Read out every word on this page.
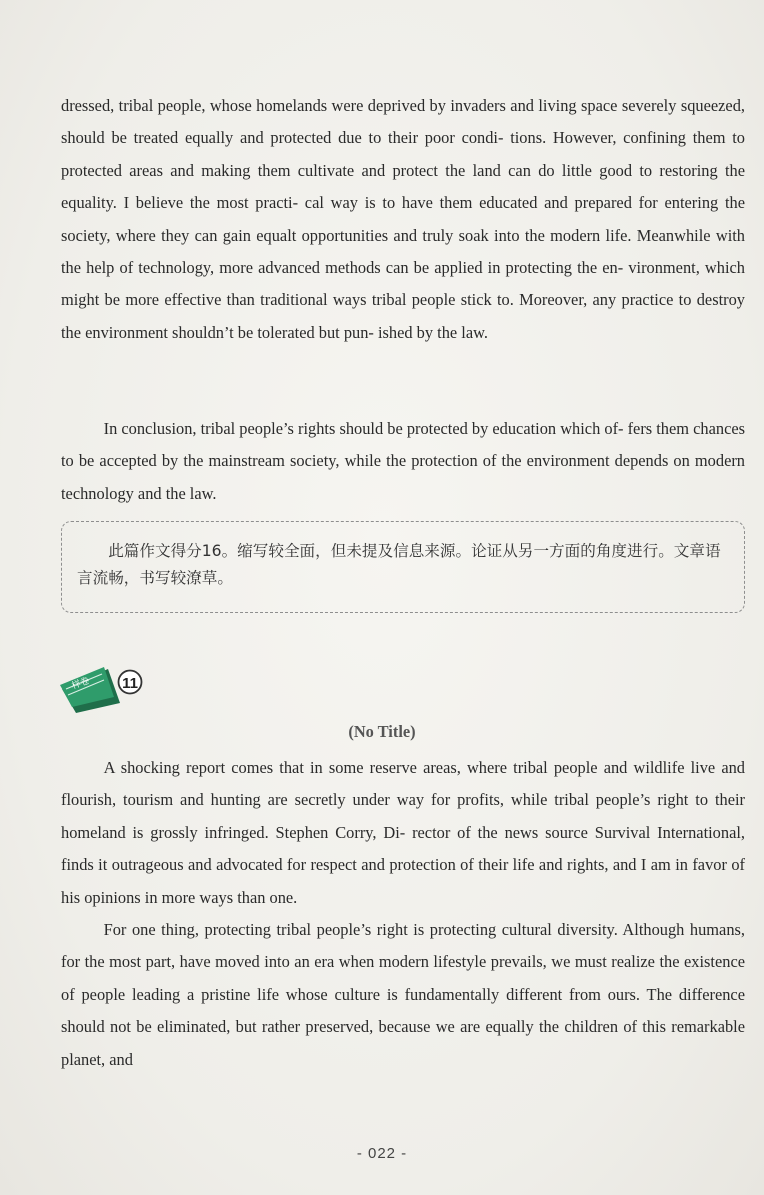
dressed, tribal people, whose homelands were deprived by invaders and living space severely squeezed, should be treated equally and protected due to their poor condi- tions. However, confining them to protected areas and making them cultivate and protect the land can do little good to restoring the equality. I believe the most practi- cal way is to have them educated and prepared for entering the society, where they can gain equalt opportunities and truly soak into the modern life. Meanwhile with the help of technology, more advanced methods can be applied in protecting the en- vironment, which might be more effective than traditional ways tribal people stick to. Moreover, any practice to destroy the environment shouldn’t be tolerated but pun- ished by the law.

In conclusion, tribal people’s rights should be protected by education which of- fers them chances to be accepted by the mainstream society, while the protection of the environment depends on modern technology and the law.

此篇作文得分16。缩写较全面，但未提及信息来源。论证从另一方面的角度进行。文章语言流畅，书写较潦草。

样卷 11

(No Title)

A shocking report comes that in some reserve areas, where tribal people and wildlife live and flourish, tourism and hunting are secretly under way for profits, while tribal people’s right to their homeland is grossly infringed. Stephen Corry, Di- rector of the news source Survival International, finds it outrageous and advocated for respect and protection of their life and rights, and I am in favor of his opinions in more ways than one.

For one thing, protecting tribal people’s right is protecting cultural diversity. Although humans, for the most part, have moved into an era when modern lifestyle prevails, we must realize the existence of people leading a pristine life whose culture is fundamentally different from ours. The difference should not be eliminated, but rather preserved, because we are equally the children of this remarkable planet, and

- 022 -
